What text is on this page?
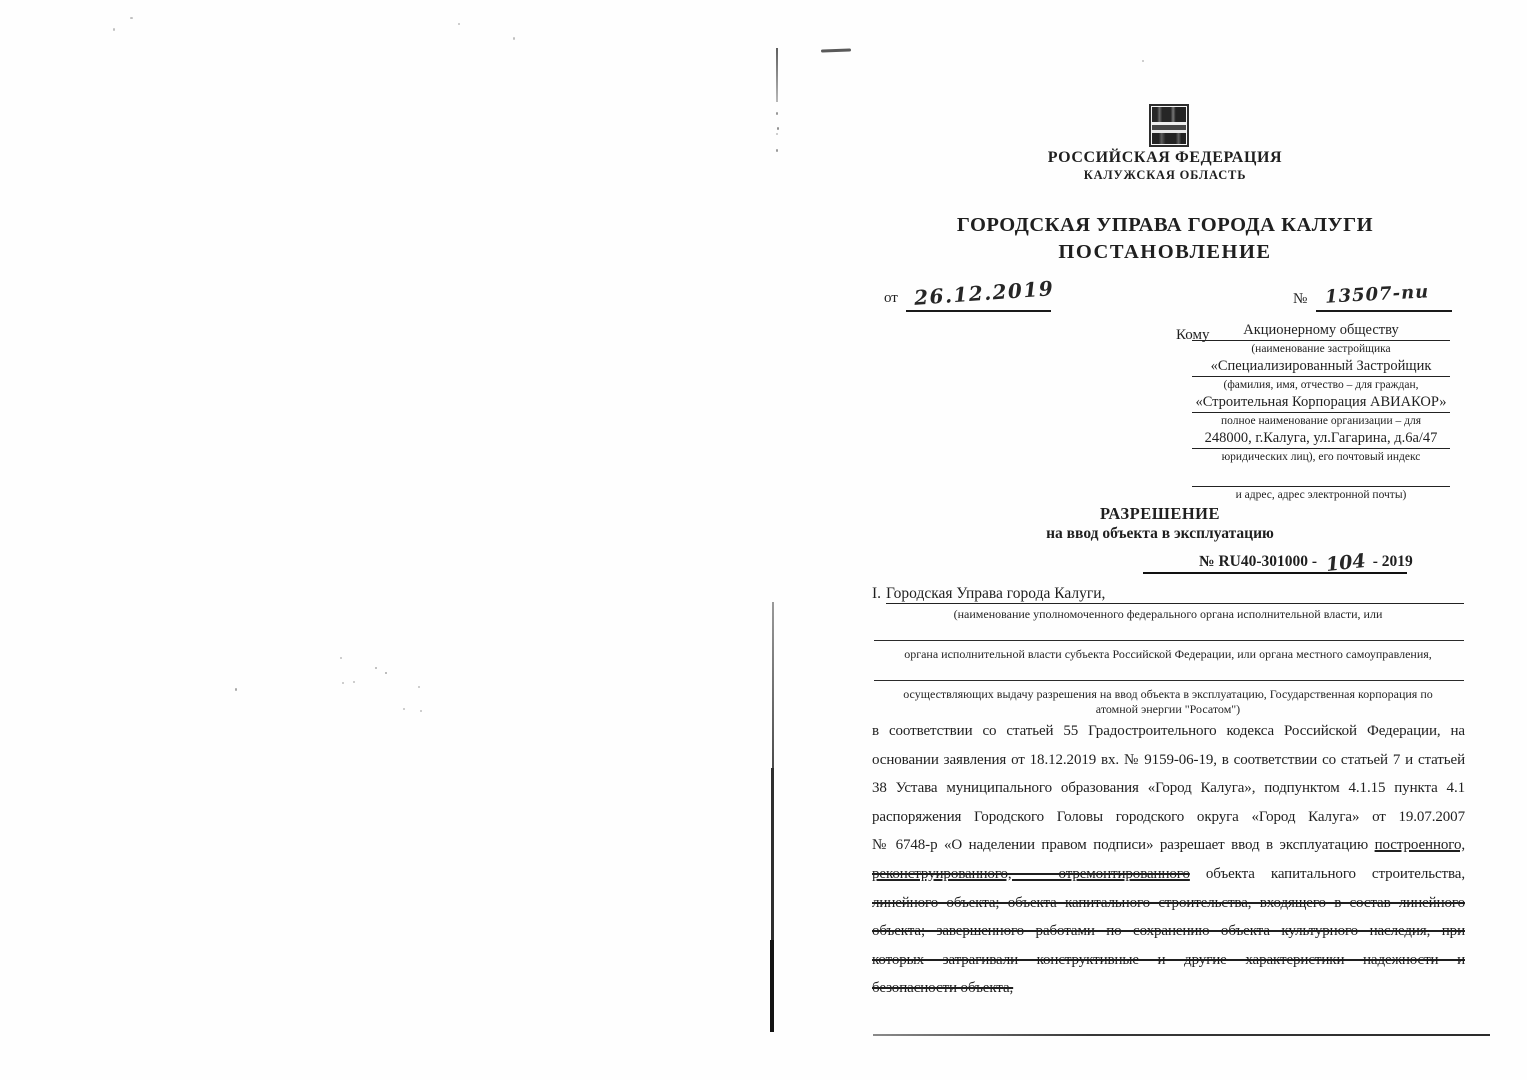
РОССИЙСКАЯ ФЕДЕРАЦИЯ
КАЛУЖСКАЯ ОБЛАСТЬ
ГОРОДСКАЯ УПРАВА ГОРОДА КАЛУГИ
ПОСТАНОВЛЕНИЕ
от 26.12.2019	№ 13507-пи
Кому	Акционерному обществу
(наименование застройщика
«Специализированный Застройщик
(фамилия, имя, отчество – для граждан,
«Строительная Корпорация АВИАКОР»
полное наименование организации – для
248000, г.Калуга, ул.Гагарина, д.6а/47
юридических лиц), его почтовый индекс
и адрес, адрес электронной почты)
РАЗРЕШЕНИЕ
на ввод объекта в эксплуатацию
№ RU40-301000 - 104 - 2019
I. Городская Управа города Калуги,
(наименование уполномоченного федерального органа исполнительной власти, или
органа исполнительной власти субъекта Российской Федерации, или органа местного самоуправления,
осуществляющих выдачу разрешения на ввод объекта в эксплуатацию, Государственная корпорация по
атомной энергии "Росатом")
в соответствии со статьей 55 Градостроительного кодекса Российской Федерации, на
основании заявления от 18.12.2019 вх. № 9159-06-19, в соответствии со статьей 7 и статьей
38 Устава муниципального образования «Город Калуга», подпунктом 4.1.15 пункта 4.1
распоряжения Городского Головы городского округа «Город Калуга» от 19.07.2007
№ 6748-р «О наделении правом подписи» разрешает ввод в эксплуатацию построенного,
реконструированного, — отремонтированного объекта капитального строительства,
линейного объекта; объекта капитального строительства, входящего в состав линейного
объекта; завершенного работами по сохранению объекта культурного наследия, при
которых затрагивали конструктивные и другие характеристики надежности и
безопасности объекта,
